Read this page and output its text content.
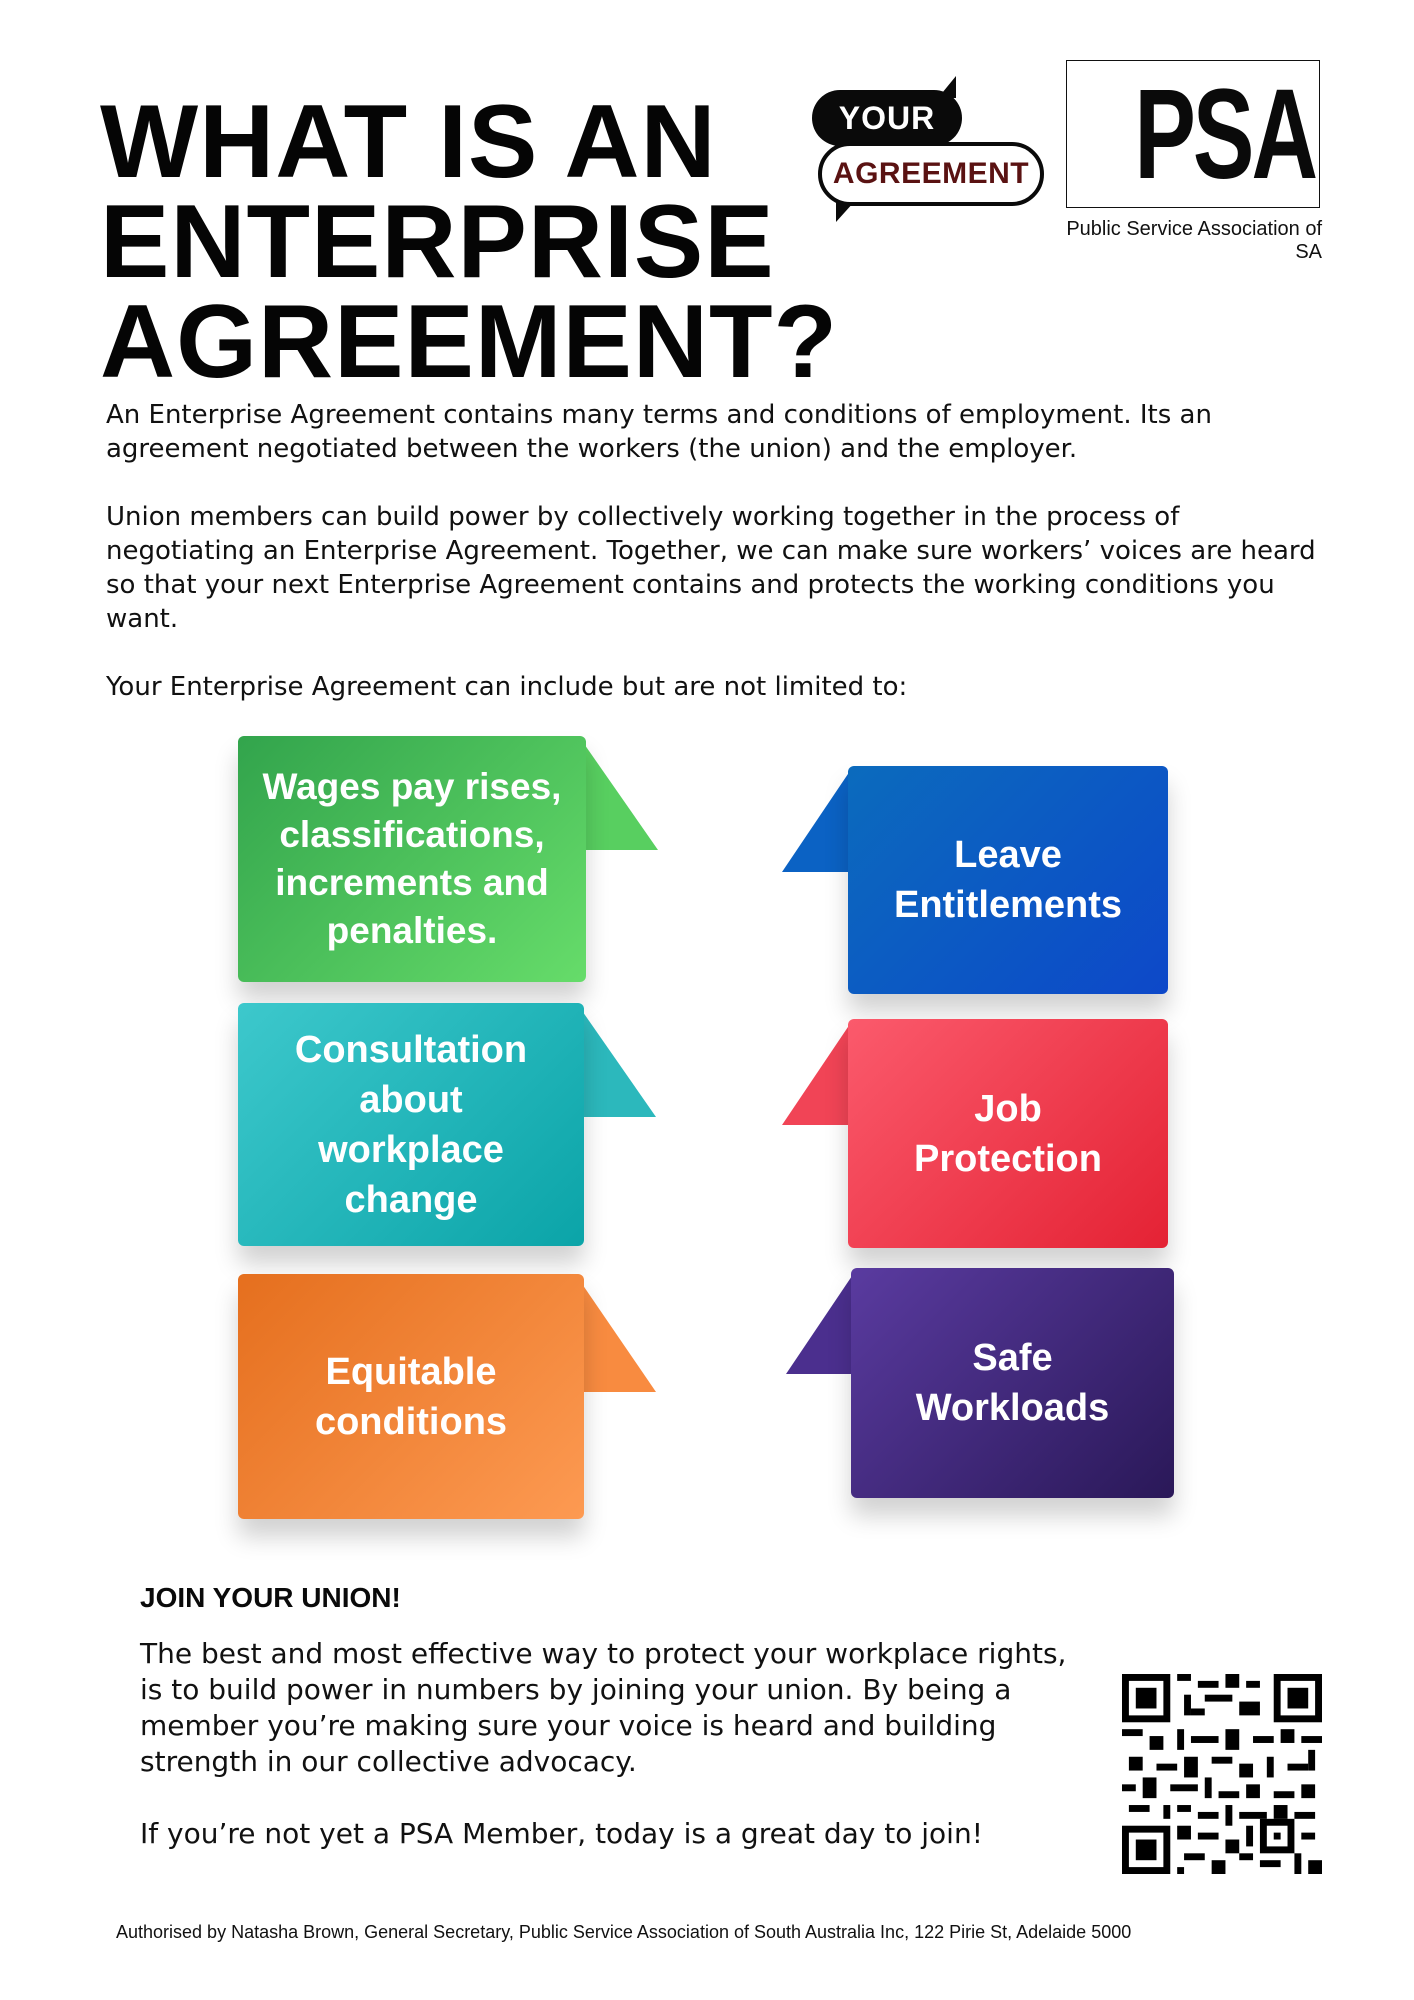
WHAT IS AN
ENTERPRISE
AGREEMENT?
YOUR
AGREEMENT PSA
Public Service Association of SA

An Enterprise Agreement contains many terms and conditions of employment. Its an agreement negotiated between the workers (the union) and the employer.

Union members can build power by collectively working together in the process of negotiating an Enterprise Agreement. Together, we can make sure workers’ voices are heard so that your next Enterprise Agreement contains and protects the working conditions you want.

Your Enterprise Agreement can include but are not limited to:

Wages pay rises, classifications, increments and penalties.
Consultation about workplace change
Equitable conditions
Leave Entitlements
Job Protection
Safe Workloads
JOIN YOUR UNION!

The best and most effective way to protect your workplace rights, is to build power in numbers by joining your union. By being a member you’re making sure your voice is heard and building strength in our collective advocacy.

If you’re not yet a PSA Member, today is a great day to join!

Authorised by Natasha Brown, General Secretary, Public Service Association of South Australia Inc, 122 Pirie St, Adelaide 5000
